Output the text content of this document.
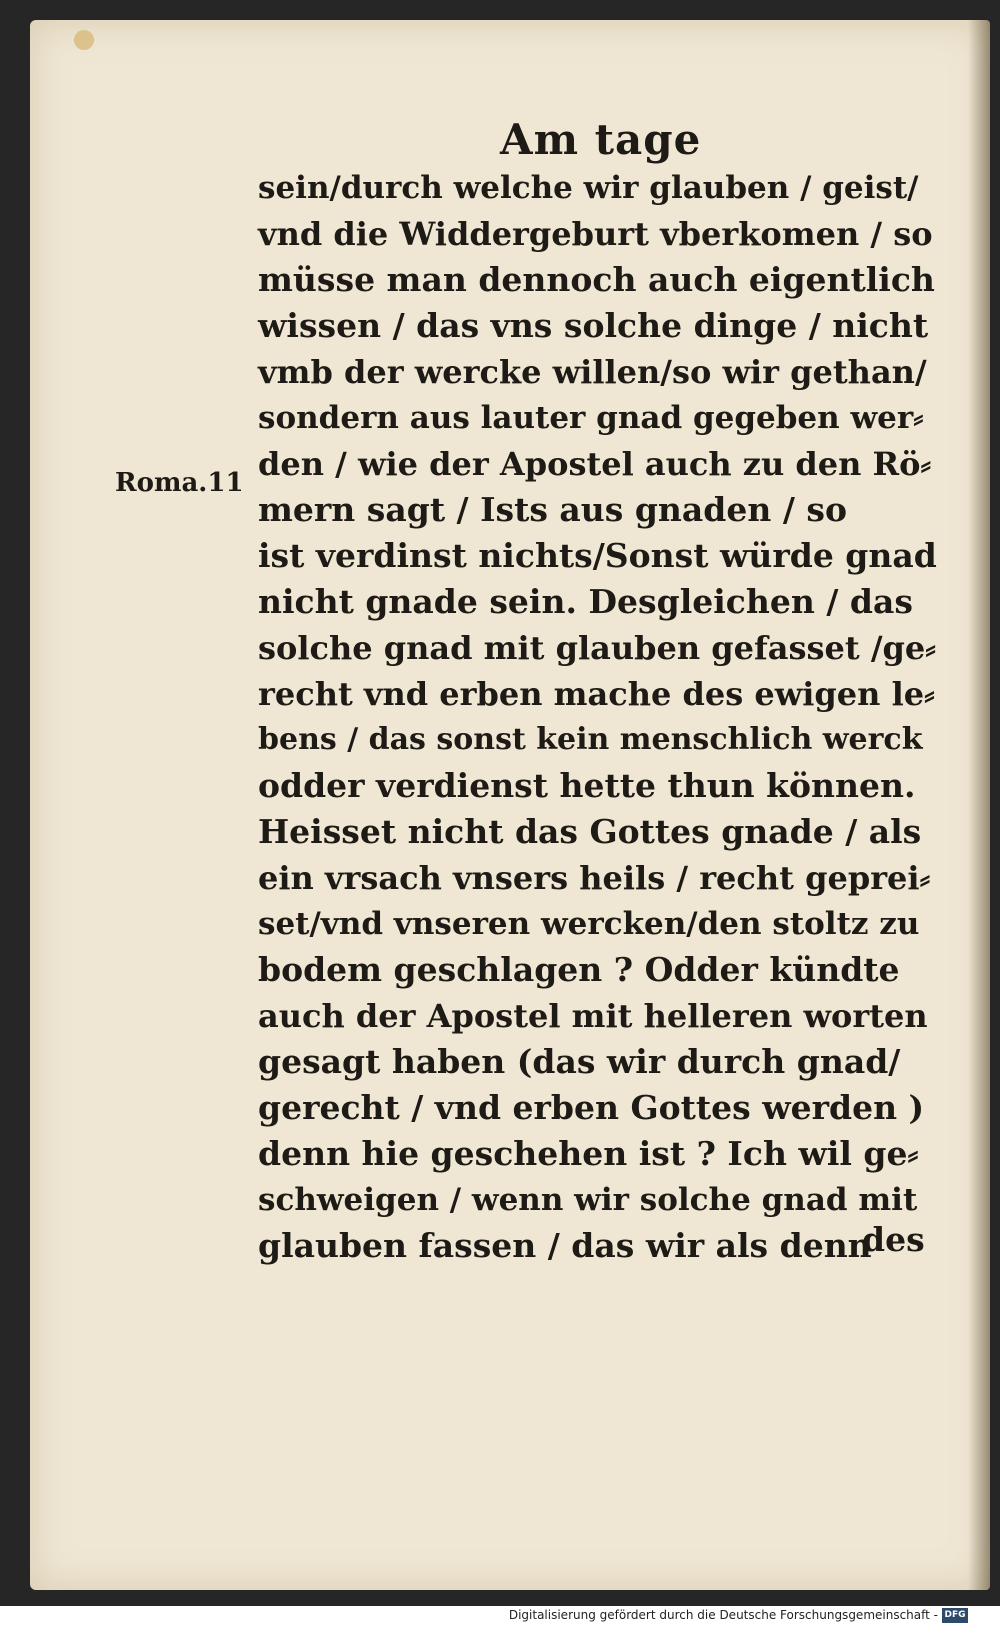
Am tage
Roma.11
sein/durch welche wir glauben / geist/
vnd die Widdergeburt vberkomen / so
müsse man dennoch auch eigentlich
wissen / das vns solche dinge / nicht
vmb der wercke willen/so wir gethan/
sondern aus lauter gnad gegeben wer⸗
den / wie der Apostel auch zu den Rö⸗
mern sagt / Ists aus gnaden / so
ist verdinst nichts/Sonst würde gnad
nicht gnade sein. Desgleichen / das
solche gnad mit glauben gefasset /ge⸗
recht vnd erben mache des ewigen le⸗
bens / das sonst kein menschlich werck
odder verdienst hette thun können.
Heisset nicht das Gottes gnade / als
ein vrsach vnsers heils / recht geprei⸗
set/vnd vnseren wercken/den stoltz zu
bodem geschlagen ? Odder kündte
auch der Apostel mit helleren worten
gesagt haben (das wir durch gnad/
gerecht / vnd erben Gottes werden )
denn hie geschehen ist ? Ich wil ge⸗
schweigen / wenn wir solche gnad mit
glauben fassen / das wir als denn
des
Digitalisierung gefördert durch die Deutsche Forschungsgemeinschaft - DFG
